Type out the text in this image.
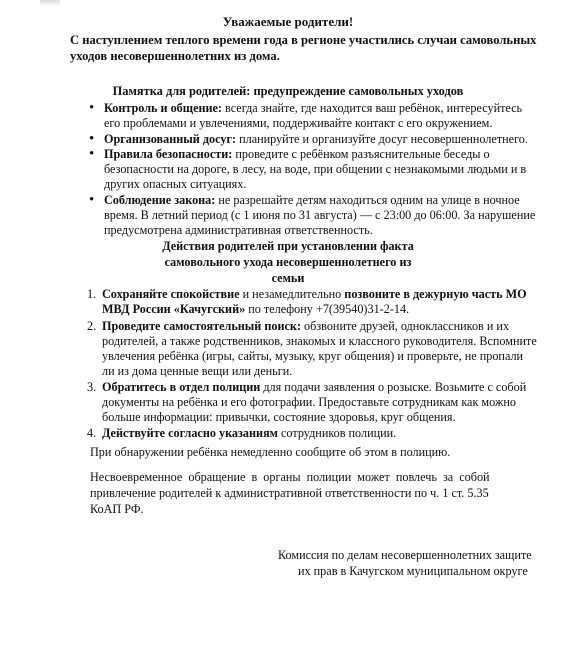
Уважаемые родители!

С наступлением теплого времени года в регионе участились случаи самовольных

уходов несовершеннолетних из дома.

Памятка для родителей: предупреждение самовольных уходов

• Контроль и общение: всегда знайте, где находится ваш ребёнок, интересуйтесь

его проблемами и увлечениями, поддерживайте контакт с его окружением.

• Организованный досуг: планируйте и организуйте досуг несовершеннолетнего.

• Правила безопасности: проведите с ребёнком разъяснительные беседы о

безопасности на дороге, в лесу, на воде, при общении с незнакомыми людьми и в

других опасных ситуациях.

• Соблюдение закона: не разрешайте детям находиться одним на улице в ночное

время. В летний период (с 1 июня по 31 августа) — с 23:00 до 06:00. За нарушение

предусмотрена административная ответственность.

Действия родителей при установлении факта

самовольного ухода несовершеннолетнего из

семьи

1. Сохраняйте спокойствие и незамедлительно позвоните в дежурную часть МО

МВД России «Качугский» по телефону +7(39540)31-2-14.

2. Проведите самостоятельный поиск: обзвоните друзей, одноклассников и их

родителей, а также родственников, знакомых и классного руководителя. Вспомните

увлечения ребёнка (игры, сайты, музыку, круг общения) и проверьте, не пропали

ли из дома ценные вещи или деньги.

3. Обратитесь в отдел полиции для подачи заявления о розыске. Возьмите с собой

документы на ребёнка и его фотографии. Предоставьте сотрудникам как можно

больше информации: привычки, состояние здоровья, круг общения.

4. Действуйте согласно указаниям сотрудников полиции.

При обнаружении ребёнка немедленно сообщите об этом в полицию.

Несвоевременное обращение в органы полиции может повлечь за собой

привлечение родителей к административной ответственности по ч. 1 ст. 5.35

КоАП РФ.

Комиссия по делам несовершеннолетних защите

их прав в Качугском муниципальном округе
